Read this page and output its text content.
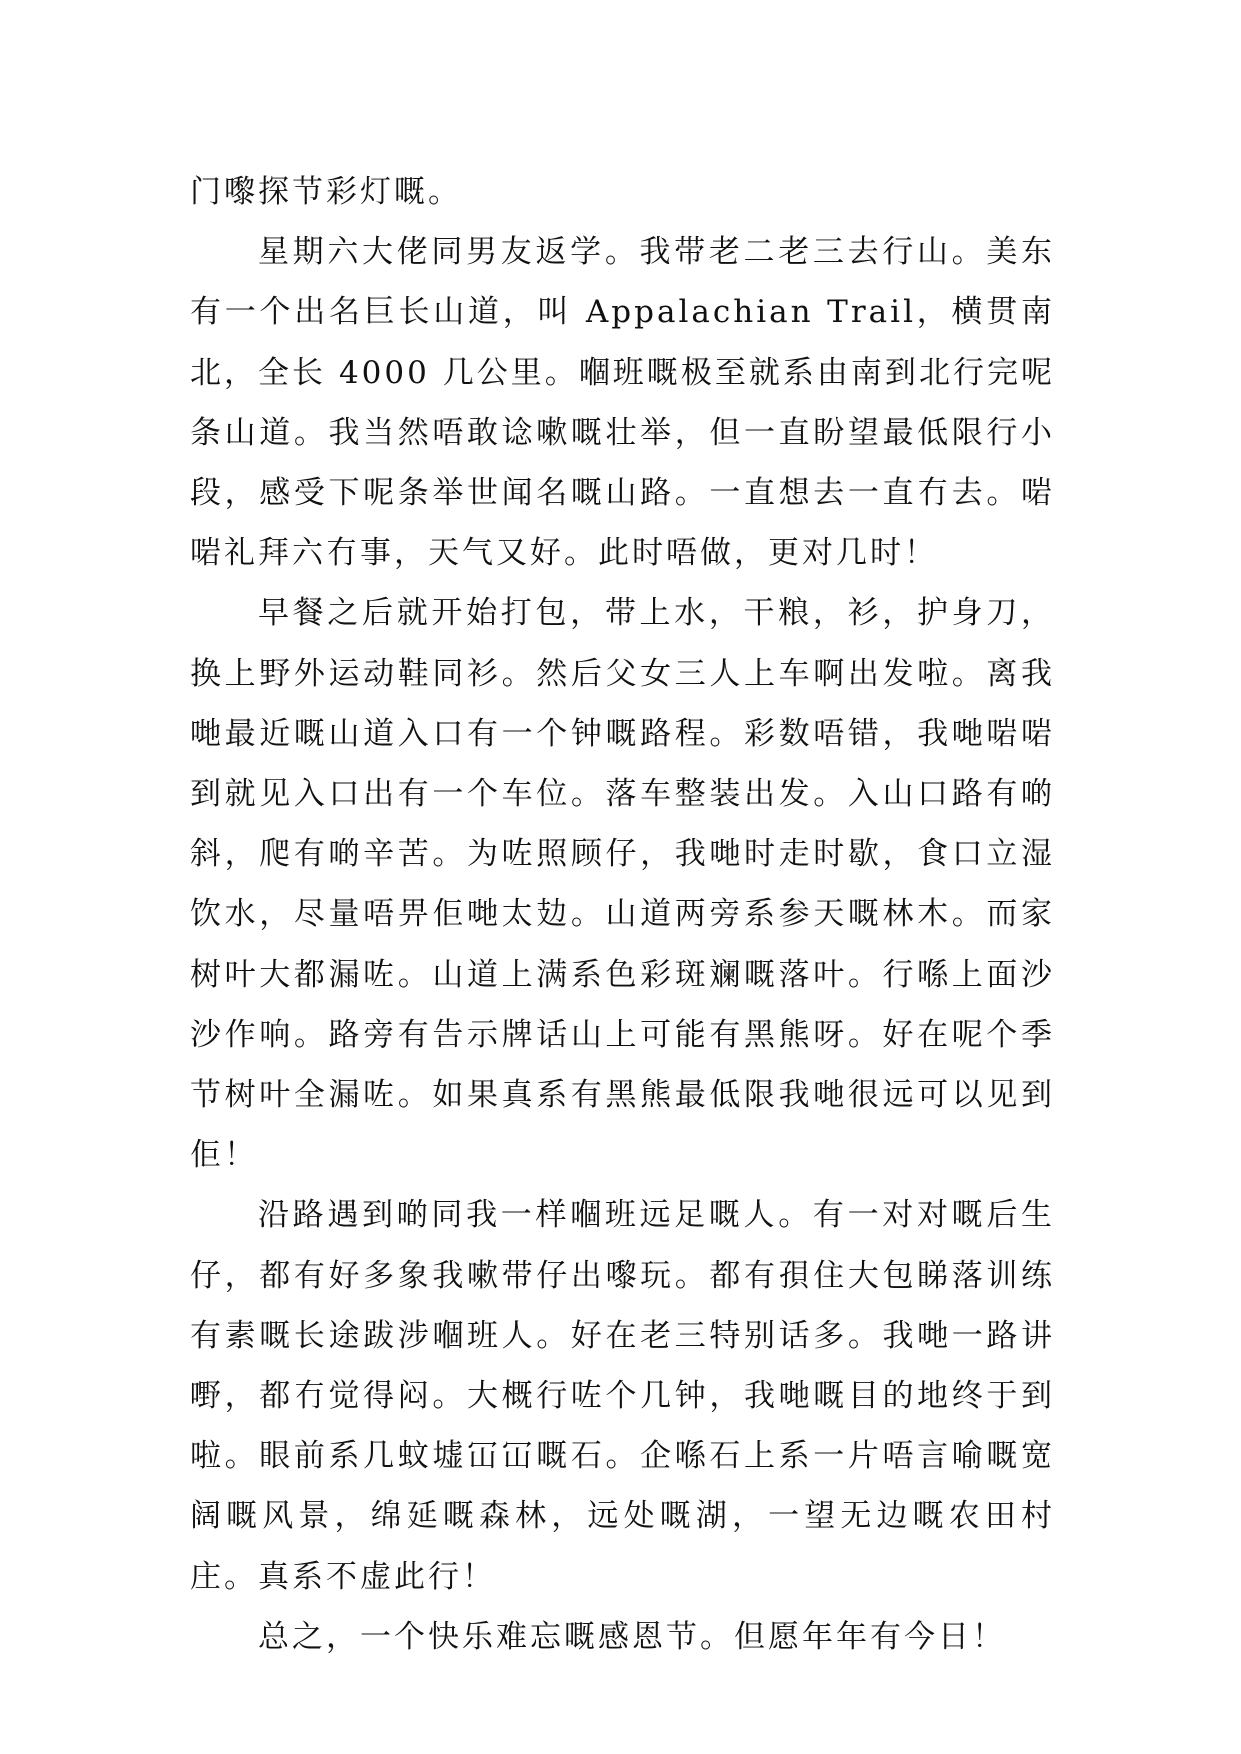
门嚟探节彩灯嘅。

星期六大佬同男友返学。我带老二老三去行山。美东有一个出名巨长山道，叫 Appalachian Trail，横贯南北，全长 4000 几公里。嗰班嘅极至就系由南到北行完呢条山道。我当然唔敢谂嗽嘅壮举，但一直盼望最低限行小段，感受下呢条举世闻名嘅山路。一直想去一直冇去。啱啱礼拜六冇事，天气又好。此时唔做，更对几时！

早餐之后就开始打包，带上水，干粮，衫，护身刀，换上野外运动鞋同衫。然后父女三人上车啊出发啦。离我哋最近嘅山道入口有一个钟嘅路程。彩数唔错，我哋啱啱到就见入口出有一个车位。落车整装出发。入山口路有啲斜，爬有啲辛苦。为咗照顾仔，我哋时走时歇，食口立湿饮水，尽量唔畀佢哋太攰。山道两旁系参天嘅林木。而家树叶大都漏咗。山道上满系色彩斑斓嘅落叶。行喺上面沙沙作响。路旁有告示牌话山上可能有黑熊呀。好在呢个季节树叶全漏咗。如果真系有黑熊最低限我哋很远可以见到佢！

沿路遇到啲同我一样嗰班远足嘅人。有一对对嘅后生仔，都有好多象我嗽带仔出嚟玩。都有孭住大包睇落训练有素嘅长途跋涉嗰班人。好在老三特别话多。我哋一路讲嘢，都冇觉得闷。大概行咗个几钟，我哋嘅目的地终于到啦。眼前系几蚊墟冚冚嘅石。企喺石上系一片唔言喻嘅宽阔嘅风景，绵延嘅森林，远处嘅湖，一望无边嘅农田村庄。真系不虚此行！

总之，一个快乐难忘嘅感恩节。但愿年年有今日！
